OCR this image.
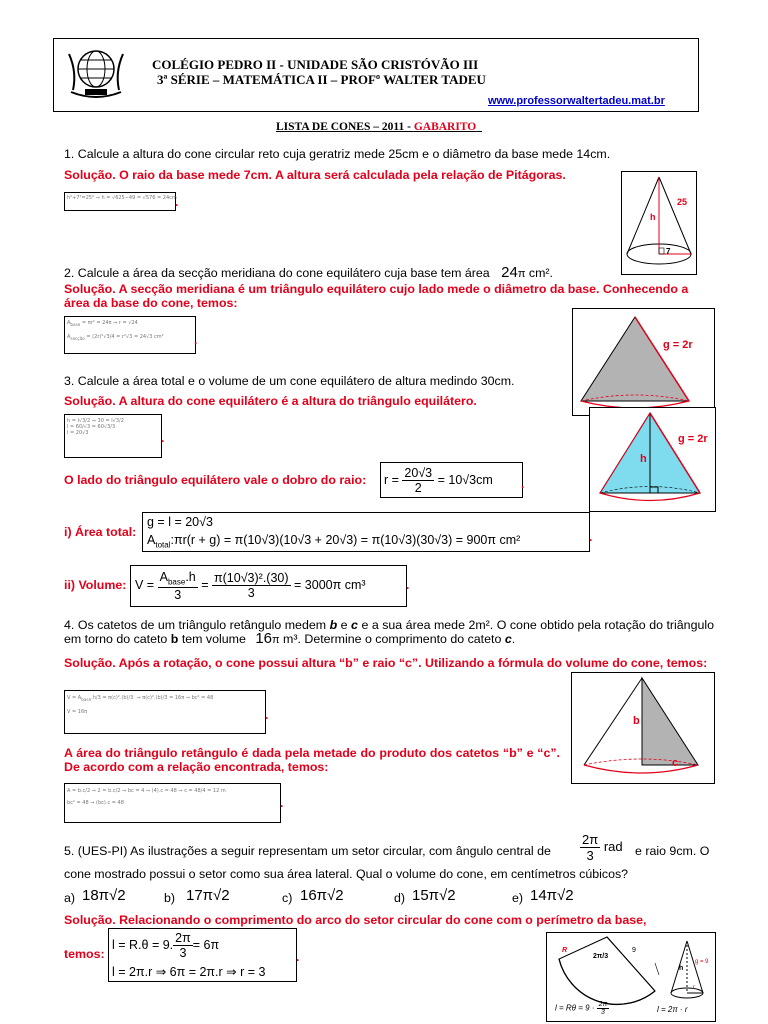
COLÉGIO PEDRO II - UNIDADE SÃO CRISTÓVÃO III
3ª SÉRIE – MATEMÁTICA II – PROFº WALTER TADEU
www.professorwaltertadeu.mat.br
LISTA DE CONES – 2011 - GABARITO
1. Calcule a altura do cone circular reto cuja geratriz mede 25cm e o diâmetro da base mede 14cm.
Solução. O raio da base mede 7cm. A altura será calculada pela relação de Pitágoras.
h²+7²=25² ⇒ h = √625−49 = √576 = 24cm
.	25
h
7
2. Calcule a área da secção meridiana do cone equilátero cuja base tem área 24π cm².
Solução. A secção meridiana é um triângulo equilátero cujo lado mede o diâmetro da base. Conhecendo a área da base do cone, temos:
$A_{base} = \pi r^2 = 24\pi$ ⇒ r = √24

$A_{secção} = (2r)^2√3/4 = r^2√3 = 24√3$ cm²	.	g = 2r
3. Calcule a área total e o volume de um cone equilátero de altura medindo 30cm.
Solução. A altura do cone equilátero é a altura do triângulo equilátero.
h = l√3/2 ⇒ 30 = l√3/2
l = 60/√3 = 60√3/3
l = 20√3	.	g = 2r
h
O lado do triângulo equilátero vale o dobro do raio: $r = \frac{20√3}{2} = 10√3cm$ .
i) Área total:
g = l = 20√3
$A_{total}:\pi r(r + g) = \pi(10√3)(10√3 + 20√3) = \pi(10√3)(30√3) = 900\pi$ cm²	.
ii) Volume: $V = \frac{A_{base}.h}{3} = \frac{\text{π(10√3)².(30)}}{3} = 3000\pi$ cm³	.
4. Os catetos de um triângulo retângulo medem b e c e a sua área mede 2m². O cone obtido pela rotação do triângulo em torno do cateto b tem volume 16π m³. Determine o comprimento do cateto c.
Solução. Após a rotação, o cone possui altura “b” e raio “c”. Utilizando a fórmula do volume do cone, temos:
$V = A_{base}.h/3 = \pi(c)^2.(b)/3$  ⇒ π(c)².(b)/3 = 16π ⇒ bc² = 48

V = 16π	.	b
c
A área do triângulo retângulo é dada pela metade do produto dos catetos “b” e “c”. De acordo com a relação encontrada, temos:
A = b.c/2 ⇒ 2 = b.c/2 ⇒ bc = 4 ⇒ (4).c = 48 ⇒ c = 48/4 = 12 m

bc² = 48 ⇒ (bc).c = 48	.
5. (UES-PI) As ilustrações a seguir representam um setor circular, com ângulo central de $\frac{2\pi}{3}$ rad e raio 9cm. O
cone mostrado possui o setor como sua área lateral. Qual o volume do cone, em centímetros cúbicos?
a) 18π√2	b) 17π√2	c) 16π√2	d) 15π√2	e) 14π√2
Solução. Relacionando o comprimento do arco do setor circular do cone com o perímetro da base,
temos:
l = R.θ = 9. $\frac{2\pi}{3} = 6\pi$
l = 2π.r ⇒ 6π = 2π.r ⇒ r = 3
.	R
2π/3
9
h
g = 9
r
$l = R\theta = 9 \cdot \frac{2\pi}{3}$	l = 2π · r
